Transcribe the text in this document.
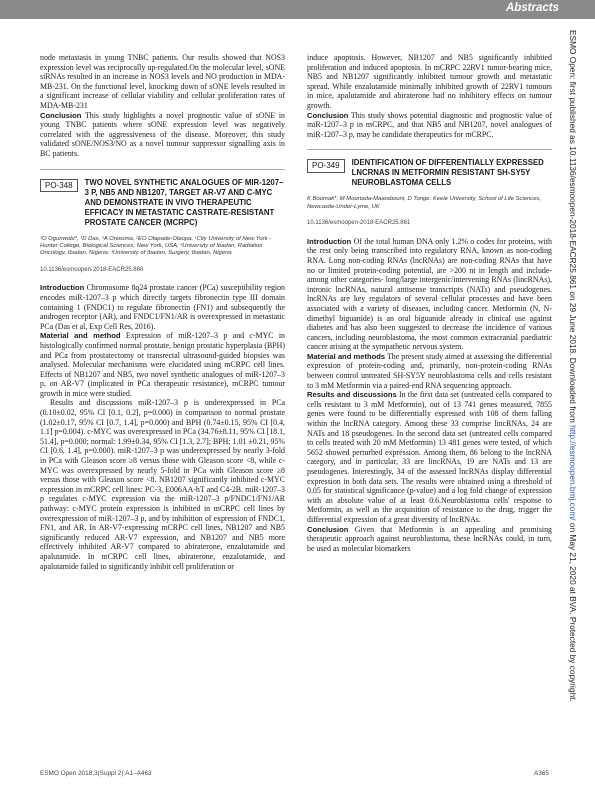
Abstracts
ESMO Open: first published as 10.1136/esmoopen-2018-EACR25.861 on 29 June 2018. Downloaded from http://esmoopen.bmj.com/ on May 21, 2020 at BVA. Protected by copyright.

node metastasis in young TNBC patients. Our results showed that NOS3 expression level was reciprocally up-regulated.On the molecular level, sONE siRNAs resulted in an increase in NOS3 levels and NO production in MDA-MB-231. On the functional level, knocking down of sONE levels resulted in a significant increase of cellular viability and cellular proliferation rates of MDA-MB-231

Conclusion This study highlights a novel prognostic value of sONE in young TNBC patients where sONE expression level was negatively correlated with the aggressiveness of the disease. Moreover, this study validated sONE/NOS3/NO as a novel tumour suppressor signalling axis in BC patients.

PO-348	TWO NOVEL SYNTHETIC ANALOGUES OF MIR-1207–3 P, NB5 AND NB1207, TARGET AR-V7 AND C-MYC AND DEMONSTRATE IN VIVO THERAPEUTIC EFFICACY IN METASTATIC CASTRATE-RESISTANT PROSTATE CANCER (MCRPC)
¹O Ogunwobi*, ¹D Das, ¹A Onwuma, ²EO Olapade-Olaopa. ¹City University of New York - Hunter College, Biological Sciences, New York, USA; ²University of Ibadan, Radiation Oncology, Ibadan, Nigeria; ³University of Ibadan, Surgery, Ibadan, Nigeria
10.1136/esmoopen-2018-EACR25.860

Introduction Chromosome 8q24 prostate cancer (PCa) susceptibility region encodes miR-1207–3 p which directly targets fibronectin type III domain containing 1 (FNDC1) to regulate fibronectin (FN1) and subsequently the androgen receptor (AR), and FNDC1/FN1/AR is overexpressed in metastatic PCa (Das et al, Exp Cell Res, 2016).

Material and method Expression of miR-1207–3 p and c-MYC in histologically confirmed normal prostate, benign prostatic hyperplasia (BPH) and PCa from prostatectomy or transrectal ultrasound-guided biopsies was analysed. Molecular mechanisms were elucidated using mCRPC cell lines. Effects of NB1207 and NB5, two novel synthetic analogues of miR-1207–3 p, on AR-V7 (implicated in PCa therapeutic resistance), mCRPC tumour growth in mice were studied.

Results and discussions miR-1207–3 p is underexpressed in PCa (0.10±0.02, 95% CI [0.1, 0.2], p=0.000) in comparison to normal prostate (1.02±0.17, 95% CI [0.7, 1.4], p=0.000) and BPH (0.74±0.15, 95% CI [0.4, 1.1] p=0.004). c-MYC was overexpressed in PCa (34.76±8.11, 95% CI [18.1, 51.4], p=0.000; normal: 1.99±0.34, 95% CI [1.3, 2.7]; BPH: 1.01 ±0.21, 95% CI [0.6, 1.4], p=0.000). miR-1207–3 p was underexpressed by nearly 3-fold in PCa with Gleason score ≥8 versus those with Gleason score <8, while c-MYC was overexpressed by nearly 5-fold in PCa with Gleason score ≥8 versus those with Gleason score <8. NB1207 significantly inhibited c-MYC expression in mCRPC cell lines: PC-3, E006AA-hT and C4-2B. miR-1207–3 p regulates c-MYC expression via the miR-1207–3 p/FNDC1/FN1/AR pathway: c-MYC protein expression is inhibited in mCRPC cell lines by overexpression of miR-1207–3 p, and by inhibition of expression of FNDC1, FN1, and AR. In AR-V7-expressing mCRPC cell lines, NB1207 and NB5 significantly reduced AR-V7 expression, and NB1207 and NB5 more effectively inhibited AR-V7 compared to abiraterone, enzalutamide and apalutamide. In mCRPC cell lines, abiraterone, enzalutamide, and apalutamide failed to significantly inhibit cell proliferation or

induce apoptosis. However, NB1207 and NB5 significantly inhibited proliferation and induced apoptosis. In mCRPC 22RV1 tumor-bearing mice, NB5 and NB1207 significantly inhibited tumour growth and metastatic spread. While enzalutamide minimally inhibited growth of 22RV1 tumours in mice, apalutamide and abiraterone had no inhibitory effects on tumour growth.

Conclusion This study shows potential diagnostic and prognostic value of miR-1207–3 p in mCRPC, and that NB5 and NB1207, novel analogues of miR-1207–3 p, may be candidate therapeutics for mCRPC.

PO-349	IDENTIFICATION OF DIFFERENTIALLY EXPRESSED LNCRNAS IN METFORMIN RESISTANT SH-SY5Y NEUROBLASTOMA CELLS
K Boumak*, M Mourtada-Maarabouni, D Tonge. Keele University, School of Life Sciences, Newcastle-Under-Lyme, UK
10.1136/esmoopen-2018-EACR25.861

Introduction Of the total human DNA only 1.2% o codes for proteins, with the rest only being transcribed into regulatory RNA, known as non-coding RNA. Long non-coding RNAs (lncRNAs) are non-coding RNAs that have no or limited protein-coding potential, are >200 nt in length and include-among other categories- long/large intergenic/intervening RNAs (lincRNAs), intronic lncRNAs, natural antisense transcripts (NATs) and pseudogenes. lncRNAs are key regulators of several cellular processes and have been associated with a variety of diseases, including cancer. Metformin (N, N-dimethyl biguanide) is an oral biguanide already in clinical use against diabetes and has also been suggested to decrease the incidence of various cancers, including neuroblastoma, the most common extracranial paediatric cancer arising at the sympathetic nervous system.

Material and methods The present study aimed at assessing the differential expression of protein-coding and, primarily, non-protein-coding RNAs between control untreated SH-SY5Y neuroblastoma cells and cells resistant to 3 mM Metformin via a paired-end RNA sequencing approach.

Results and discussions In the first data set (untreated cells compared to cells resistant to 3 mM Metformin), out of 13 741 genes measured, 7855 genes were found to be differentially expressed with 108 of them falling within the lncRNA category. Among these 33 comprise lincRNAs, 24 are NATs and 18 pseudogenes. In the second data set (untreated cells compared to cells treated with 20 mM Metformin) 13 481 genes were tested, of which 5652 showed perturbed expression. Among them, 86 belong to the lncRNA category, and in particular, 33 are lincRNAs, 19 are NATs and 13 are pseudogenes. Interestingly, 34 of the assessed lncRNAs display differential expression in both data sets. The results were obtained using a threshold of 0.05 for statistical significance (p-value) and a log fold change of expression with an absolute value of at least 0.6.Neuroblastoma cells' response to Metformin, as well as the acquisition of resistance to the drug, trigger the differential expression of a great diversity of lncRNAs.

Conclusion Given that Metformin is an appealing and promising therapeutic approach against neuroblastoma, these lncRNAs could, in turn, be used as molecular biomarkers

ESMO Open 2018;3(Suppl 2):A1–A463	A365
